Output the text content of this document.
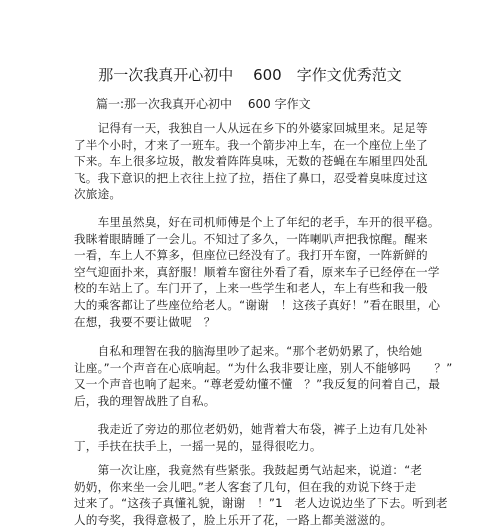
那一次我真开心初中　 600　字作文优秀范文
篇一:那一次我真开心初中　 600 字作文
　　记得有一天，我独自一人从远在乡下的外婆家回城里来。足足等
了半个小时，才来了一班车。我一个箭步冲上车，在一个座位上坐了
下来。车上很多垃圾，散发着阵阵臭味，无数的苍蝇在车厢里四处乱
飞。我下意识的把上衣往上拉了拉，捂住了鼻口，忍受着臭味度过这
次旅途。
　　车里虽然臭，好在司机师傅是个上了年纪的老手，车开的很平稳。
我眯着眼睛睡了一会儿。不知过了多久，一阵喇叭声把我惊醒。醒来
一看，车上人不算多，但座位已经没有了。我打开车窗，一阵新鲜的
空气迎面扑来，真舒服！顺着车窗往外看了看，原来车子已经停在一学
校的车站上了。车门开了，上来一些学生和老人，车上有些和我一般
大的乘客都让了些座位给老人。“谢谢　！这孩子真好！”看在眼里，心
在想，我要不要让做呢　？
　　自私和理智在我的脑海里吵了起来。“那个老奶奶累了，快给她
让座。”一个声音在心底响起。“为什么我非要让座，别人不能够吗　　？”
又一个声音也响了起来。“尊老爱幼懂不懂　？”我反复的问着自己，最
后，我的理智战胜了自私。
　　我走近了旁边的那位老奶奶，她背着大布袋，裤子上边有几处补
丁，手扶在扶手上，一摇一晃的，显得很吃力。
　　第一次让座，我竟然有些紧张。我鼓起勇气站起来，说道：“老
奶奶，你来坐一会儿吧。”老人客套了几句，但在我的劝说下终于走
过来了。“这孩子真懂礼貌，谢谢　！”1　老人边说边坐了下去。听到老
人的夸奖，我得意极了，脸上乐开了花，一路上都美滋滋的。
